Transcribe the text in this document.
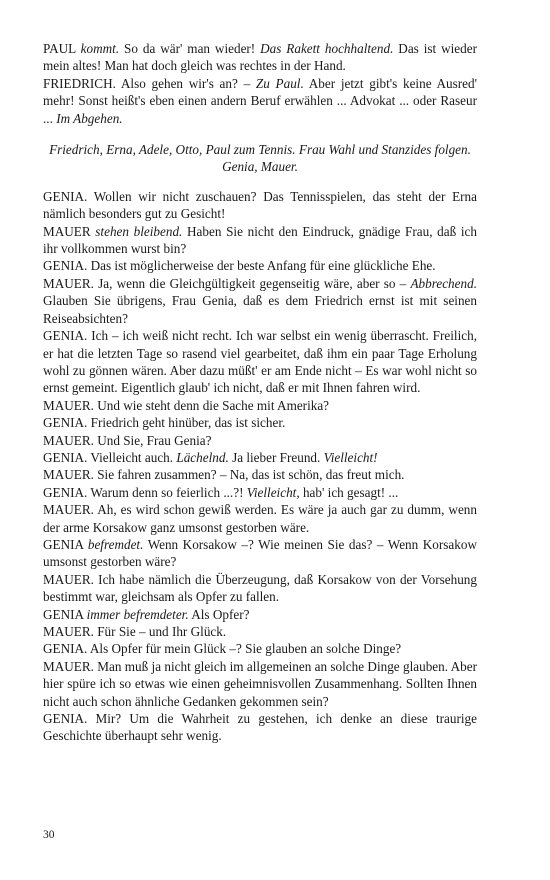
PAUL kommt. So da wär' man wieder! Das Rakett hochhaltend. Das ist wieder mein altes! Man hat doch gleich was rechtes in der Hand.

FRIEDRICH. Also gehen wir's an? – Zu Paul. Aber jetzt gibt's keine Ausred' mehr! Sonst heißt's eben einen andern Beruf erwählen ... Advokat ... oder Raseur ... Im Abgehen.

Friedrich, Erna, Adele, Otto, Paul zum Tennis. Frau Wahl und Stanzides folgen.

Genia, Mauer.

GENIA. Wollen wir nicht zuschauen? Das Tennisspielen, das steht der Erna nämlich besonders gut zu Gesicht!

MAUER stehen bleibend. Haben Sie nicht den Eindruck, gnädige Frau, daß ich ihr vollkommen wurst bin?

GENIA. Das ist möglicherweise der beste Anfang für eine glückliche Ehe.

MAUER. Ja, wenn die Gleichgültigkeit gegenseitig wäre, aber so – Abbrechend. Glauben Sie übrigens, Frau Genia, daß es dem Friedrich ernst ist mit seinen Reiseabsichten?

GENIA. Ich – ich weiß nicht recht. Ich war selbst ein wenig überrascht. Freilich, er hat die letzten Tage so rasend viel gearbeitet, daß ihm ein paar Tage Erholung wohl zu gönnen wären. Aber dazu müßt' er am Ende nicht – Es war wohl nicht so ernst gemeint. Eigentlich glaub' ich nicht, daß er mit Ihnen fahren wird.

MAUER. Und wie steht denn die Sache mit Amerika?

GENIA. Friedrich geht hinüber, das ist sicher.

MAUER. Und Sie, Frau Genia?

GENIA. Vielleicht auch. Lächelnd. Ja lieber Freund. Vielleicht!

MAUER. Sie fahren zusammen? – Na, das ist schön, das freut mich.

GENIA. Warum denn so feierlich ...?! Vielleicht, hab' ich gesagt! ...

MAUER. Ah, es wird schon gewiß werden. Es wäre ja auch gar zu dumm, wenn der arme Korsakow ganz umsonst gestorben wäre.

GENIA befremdet. Wenn Korsakow –? Wie meinen Sie das? – Wenn Korsakow umsonst gestorben wäre?

MAUER. Ich habe nämlich die Überzeugung, daß Korsakow von der Vorsehung bestimmt war, gleichsam als Opfer zu fallen.

GENIA immer befremdeter. Als Opfer?

MAUER. Für Sie – und Ihr Glück.

GENIA. Als Opfer für mein Glück –? Sie glauben an solche Dinge?

MAUER. Man muß ja nicht gleich im allgemeinen an solche Dinge glauben. Aber hier spüre ich so etwas wie einen geheimnisvollen Zusammenhang. Sollten Ihnen nicht auch schon ähnliche Gedanken gekommen sein?

GENIA. Mir? Um die Wahrheit zu gestehen, ich denke an diese traurige Geschichte überhaupt sehr wenig.

30
